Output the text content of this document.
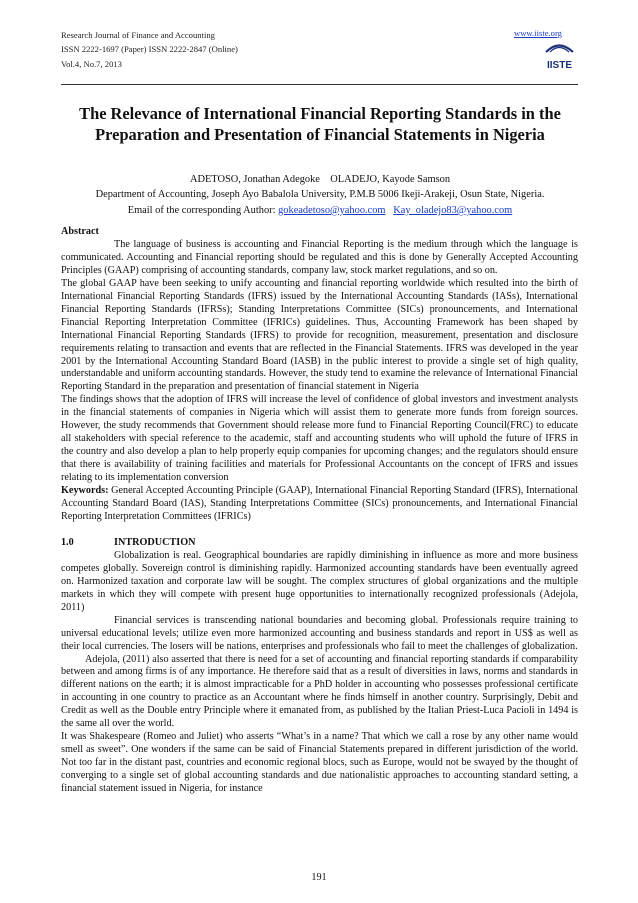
Research Journal of Finance and Accounting
ISSN 2222-1697 (Paper) ISSN 2222-2847 (Online)
Vol.4, No.7, 2013
www.iiste.org
IISTE
The Relevance of International Financial Reporting Standards in the Preparation and Presentation of Financial Statements in Nigeria
ADETOSO, Jonathan Adegoke    OLADEJO, Kayode Samson
Department of Accounting, Joseph Ayo Babalola University, P.M.B 5006 Ikeji-Arakeji, Osun State, Nigeria.
Email of the corresponding Author: gokeadetoso@yahoo.com Kay_oladejo83@yahoo.com

Abstract

The language of business is accounting and Financial Reporting is the medium through which the language is communicated. Accounting and Financial reporting should be regulated and this is done by Generally Accepted Accounting Principles (GAAP) comprising of accounting standards, company law, stock market regulations, and so on.

The global GAAP have been seeking to unify accounting and financial reporting worldwide which resulted into the birth of International Financial Reporting Standards (IFRS) issued by the International Accounting Standards (IASs), International Financial Reporting Standards (IFRSs); Standing Interpretations Committee (SICs) pronouncements, and International Financial Reporting Interpretation Committee (IFRICs) guidelines. Thus, Accounting Framework has been shaped by International Financial Reporting Standards (IFRS) to provide for recognition, measurement, presentation and disclosure requirements relating to transaction and events that are reflected in the Financial Statements. IFRS was developed in the year 2001 by the International Accounting Standard Board (IASB) in the public interest to provide a single set of high quality, understandable and uniform accounting standards. However, the study tend to examine the relevance of International Financial Reporting Standard in the preparation and presentation of financial statement in Nigeria

The findings shows that the adoption of IFRS will increase the level of confidence of global investors and investment analysts in the financial statements of companies in Nigeria which will assist them to generate more funds from foreign sources. However, the study recommends that Government should release more fund to Financial Reporting Council(FRC) to educate all stakeholders with special reference to the academic, staff and accounting students who will uphold the future of IFRS in the country and also develop a plan to help properly equip companies for upcoming changes; and the regulators should ensure that there is availability of training facilities and materials for Professional Accountants on the concept of IFRS and issues relating to its implementation conversion

Keywords: General Accepted Accounting Principle (GAAP), International Financial Reporting Standard (IFRS), International Accounting Standard Board (IAS), Standing Interpretations Committee (SICs) pronouncements, and International Financial Reporting Interpretation Committees (IFRICs)

1.0	INTRODUCTION

Globalization is real. Geographical boundaries are rapidly diminishing in influence as more and more business competes globally. Sovereign control is diminishing rapidly. Harmonized accounting standards have been eventually agreed on. Harmonized taxation and corporate law will be sought. The complex structures of global organizations and the multiple markets in which they will compete with present huge opportunities to internationally recognized professionals (Adejola, 2011)

Financial services is transcending national boundaries and becoming global. Professionals require training to universal educational levels; utilize even more harmonized accounting and business standards and report in US$ as well as their local currencies. The losers will be nations, enterprises and professionals who fail to meet the challenges of globalization.

Adejola, (2011) also asserted that there is need for a set of accounting and financial reporting standards if comparability between and among firms is of any importance. He therefore said that as a result of diversities in laws, norms and standards in different nations on the earth; it is almost impracticable for a PhD holder in accounting who possesses professional certificate in accounting in one country to practice as an Accountant where he finds himself in another country. Surprisingly, Debit and Credit as well as the Double entry Principle where it emanated from, as published by the Italian Priest-Luca Pacioli in 1494 is the same all over the world.

It was Shakespeare (Romeo and Juliet) who asserts “What’s in a name? That which we call a rose by any other name would smell as sweet”. One wonders if the same can be said of Financial Statements prepared in different jurisdiction of the world. Not too far in the distant past, countries and economic regional blocs, such as Europe, would not be swayed by the thought of converging to a single set of global accounting standards and due nationalistic approaches to accounting standard setting, a financial statement issued in Nigeria, for instance

191
